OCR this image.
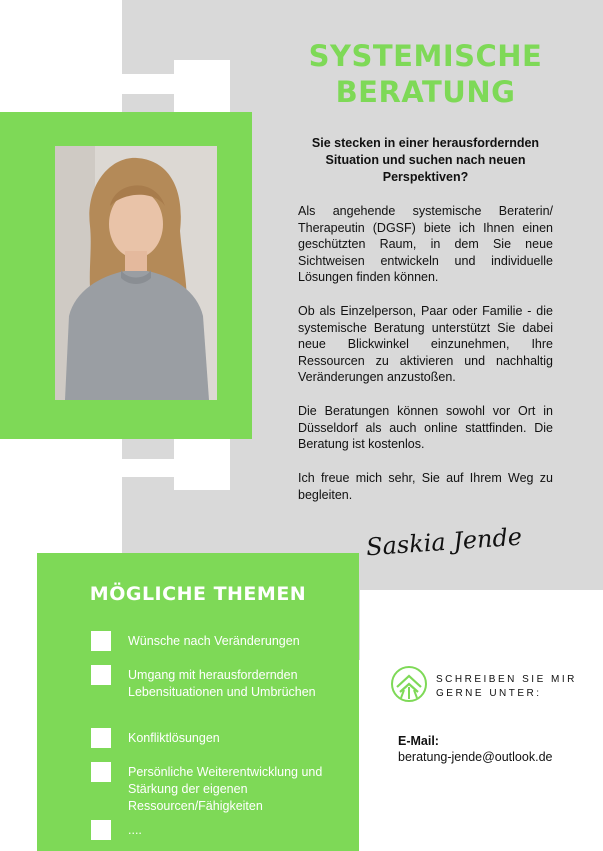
SYSTEMISCHE
BERATUNG

Sie stecken in einer herausfordernden Situation und suchen nach neuen Perspektiven?

Als angehende systemische Beraterin/ Therapeutin (DGSF) biete ich Ihnen einen geschützten Raum, in dem Sie neue Sichtweisen entwickeln und individuelle Lösungen finden können.

Ob als Einzelperson, Paar oder Familie - die systemische Beratung unterstützt Sie dabei neue Blickwinkel einzunehmen, Ihre Ressourcen zu aktivieren und nachhaltig Veränderungen anzustoßen.

Die Beratungen können sowohl vor Ort in Düsseldorf als auch online stattfinden. Die Beratung ist kostenlos.

Ich freue mich sehr, Sie auf Ihrem Weg zu begleiten.

Saskia Jende
MÖGLICHE THEMEN
Wünsche nach Veränderungen
Umgang mit herausfordernden Lebensituationen und Umbrüchen
Konfliktlösungen
Persönliche Weiterentwicklung und Stärkung der eigenen Ressourcen/Fähigkeiten
....

SCHREIBEN SIE MIR GERNE UNTER:

E-Mail:
beratung-jende@outlook.de
